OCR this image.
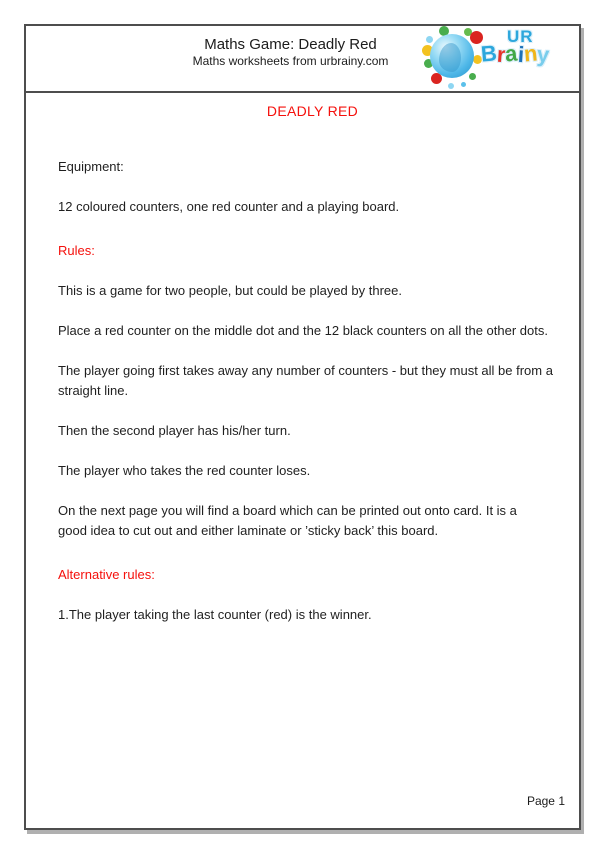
Maths Game: Deadly Red
Maths worksheets from urbrainy.com
UR
Brainy
DEADLY RED

Equipment:

12 coloured counters, one red counter and a playing board.

Rules:

This is a game for two people, but could be played by three.

Place a red counter on the middle dot and the 12 black counters on all the other dots.

The player going first takes away any number of counters - but they must all be from a
straight line.

Then the second player has his/her turn.

The player who takes the red counter loses.

On the next page you will find a board which can be printed out onto card. It is a
good idea to cut out and either laminate or ’sticky back’ this board.

Alternative rules:

1.The player taking the last counter (red) is the winner.

Page 1
